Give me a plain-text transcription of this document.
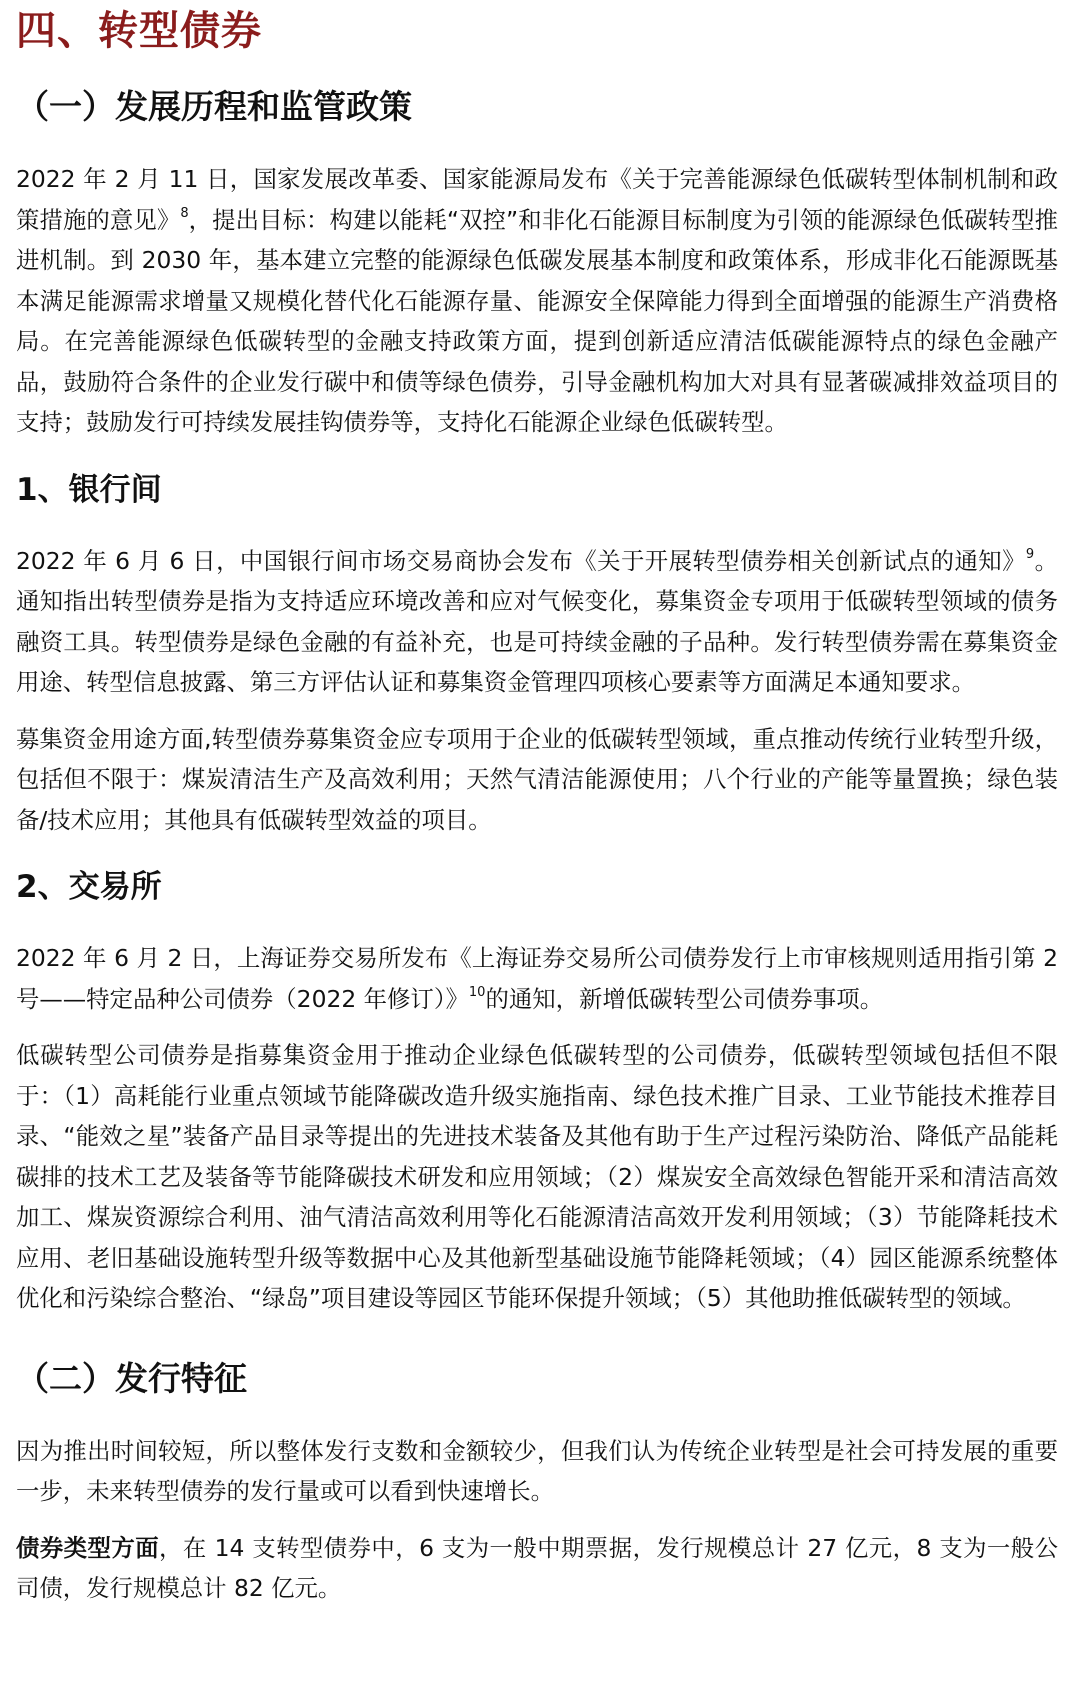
四、转型债券
（一）发展历程和监管政策

2022 年 2 月 11 日，国家发展改革委、国家能源局发布《关于完善能源绿色低碳转型体制机制和政策措施的意见》$^8$，提出目标：构建以能耗“双控”和非化石能源目标制度为引领的能源绿色低碳转型推进机制。到 2030 年，基本建立完整的能源绿色低碳发展基本制度和政策体系，形成非化石能源既基本满足能源需求增量又规模化替代化石能源存量、能源安全保障能力得到全面增强的能源生产消费格局。在完善能源绿色低碳转型的金融支持政策方面，提到创新适应清洁低碳能源特点的绿色金融产品，鼓励符合条件的企业发行碳中和债等绿色债券，引导金融机构加大对具有显著碳减排效益项目的支持；鼓励发行可持续发展挂钩债券等，支持化石能源企业绿色低碳转型。

1、银行间

2022 年 6 月 6 日，中国银行间市场交易商协会发布《关于开展转型债券相关创新试点的通知》$^9$。通知指出转型债券是指为支持适应环境改善和应对气候变化，募集资金专项用于低碳转型领域的债务融资工具。转型债券是绿色金融的有益补充，也是可持续金融的子品种。发行转型债券需在募集资金用途、转型信息披露、第三方评估认证和募集资金管理四项核心要素等方面满足本通知要求。

募集资金用途方面,转型债券募集资金应专项用于企业的低碳转型领域，重点推动传统行业转型升级，包括但不限于：煤炭清洁生产及高效利用；天然气清洁能源使用；八个行业的产能等量置换；绿色装备/技术应用；其他具有低碳转型效益的项目。

2、交易所

2022 年 6 月 2 日，上海证券交易所发布《上海证券交易所公司债券发行上市审核规则适用指引第 2 号——特定品种公司债券（2022 年修订）》$^{10}$的通知，新增低碳转型公司债券事项。

低碳转型公司债券是指募集资金用于推动企业绿色低碳转型的公司债券，低碳转型领域包括但不限于：（1）高耗能行业重点领域节能降碳改造升级实施指南、绿色技术推广目录、工业节能技术推荐目录、“能效之星”装备产品目录等提出的先进技术装备及其他有助于生产过程污染防治、降低产品能耗碳排的技术工艺及装备等节能降碳技术研发和应用领域；（2）煤炭安全高效绿色智能开采和清洁高效加工、煤炭资源综合利用、油气清洁高效利用等化石能源清洁高效开发利用领域；（3）节能降耗技术应用、老旧基础设施转型升级等数据中心及其他新型基础设施节能降耗领域；（4）园区能源系统整体优化和污染综合整治、“绿岛”项目建设等园区节能环保提升领域；（5）其他助推低碳转型的领域。

（二）发行特征

因为推出时间较短，所以整体发行支数和金额较少，但我们认为传统企业转型是社会可持发展的重要一步，未来转型债券的发行量或可以看到快速增长。

债券类型方面，在 14 支转型债券中，6 支为一般中期票据，发行规模总计 27 亿元，8 支为一般公司债，发行规模总计 82 亿元。
